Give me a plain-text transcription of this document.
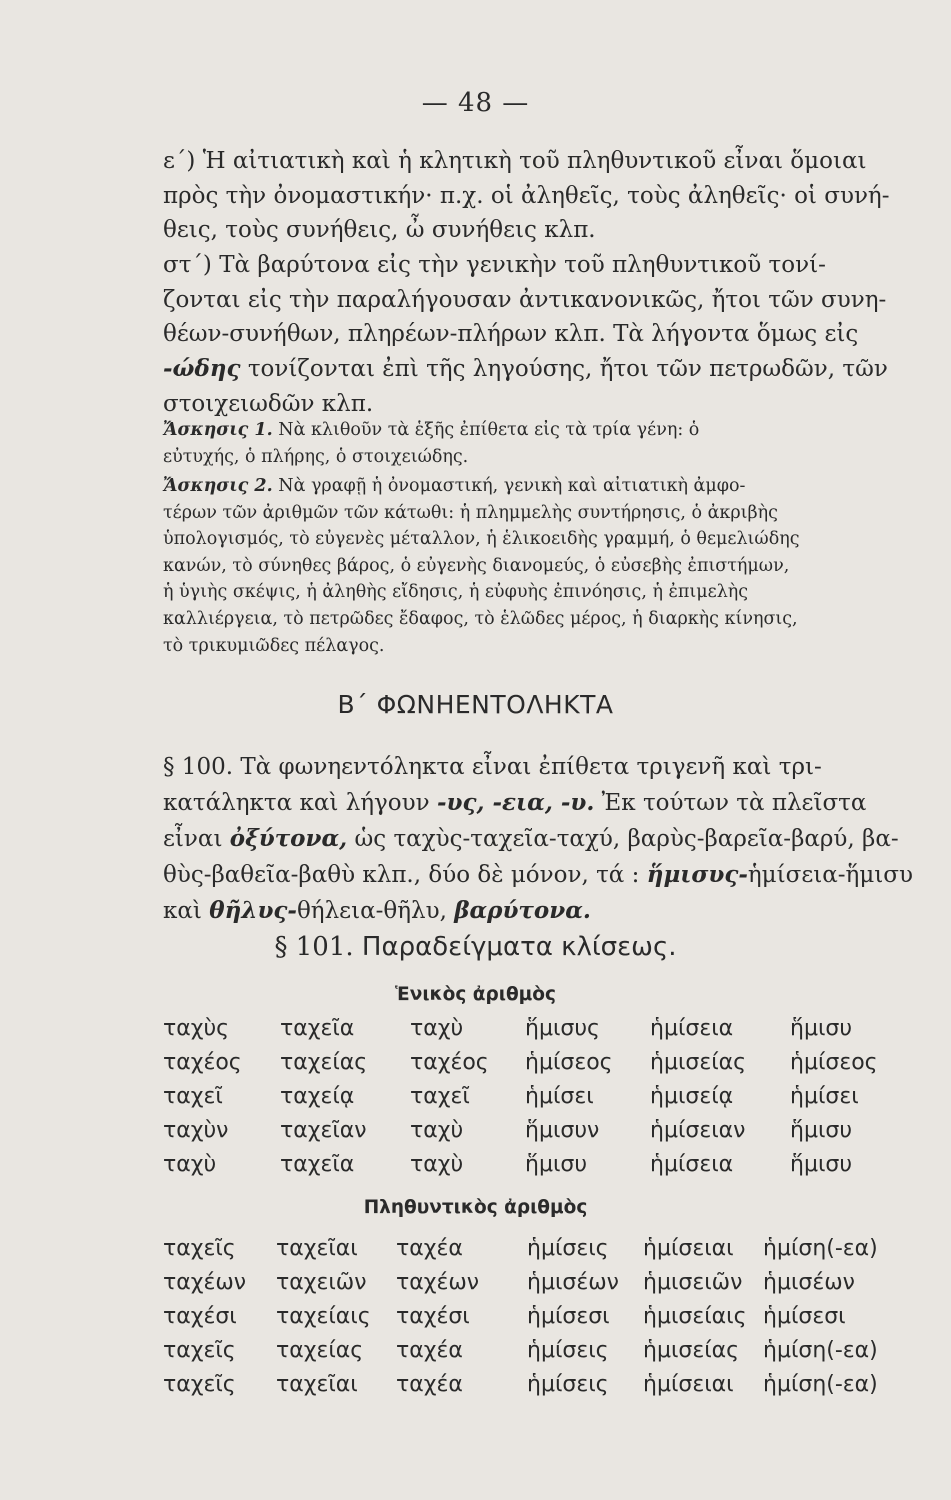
— 48 —

ε΄) Ἡ αἰτιατικὴ καὶ ἡ κλητικὴ τοῦ πληθυντικοῦ εἶναι ὅμοιαι
πρὸς τὴν ὀνομαστικήν· π.χ. οἱ ἀληθεῖς, τοὺς ἀληθεῖς· οἱ συνή-
θεις, τοὺς συνήθεις, ὦ συνήθεις κλπ.

στ΄) Τὰ βαρύτονα εἰς τὴν γενικὴν τοῦ πληθυντικοῦ τονί-
ζονται εἰς τὴν παραλήγουσαν ἀντικανονικῶς, ἤτοι τῶν συνη-
θέων-συνήθων, πληρέων-πλήρων κλπ. Τὰ λήγοντα ὅμως εἰς
-ώδης τονίζονται ἐπὶ τῆς ληγούσης, ἤτοι τῶν πετρωδῶν, τῶν
στοιχειωδῶν κλπ.

Ἄσκησις 1. Νὰ κλιθοῦν τὰ ἑξῆς ἐπίθετα εἰς τὰ τρία γένη: ὁ
εὐτυχής, ὁ πλήρης, ὁ στοιχειώδης.

Ἄσκησις 2. Νὰ γραφῇ ἡ ὀνομαστική, γενικὴ καὶ αἰτιατικὴ ἀμφο-
τέρων τῶν ἀριθμῶν τῶν κάτωθι: ἡ πλημμελὴς συντήρησις, ὁ ἀκριβὴς
ὑπολογισμός, τὸ εὐγενὲς μέταλλον, ἡ ἑλικοειδὴς γραμμή, ὁ θεμελιώδης
κανών, τὸ σύνηθες βάρος, ὁ εὐγενὴς διανομεύς, ὁ εὐσεβὴς ἐπιστήμων,
ἡ ὑγιὴς σκέψις, ἡ ἀληθὴς εἴδησις, ἡ εὐφυὴς ἐπινόησις, ἡ ἐπιμελὴς
καλλιέργεια, τὸ πετρῶδες ἔδαφος, τὸ ἑλῶδες μέρος, ἡ διαρκὴς κίνησις,
τὸ τρικυμιῶδες πέλαγος.

Β΄ ΦΩΝΗΕΝΤΟΛΗΚΤΑ

§ 100. Τὰ φωνηεντόληκτα εἶναι ἐπίθετα τριγενῆ καὶ τρι-
κατάληκτα καὶ λήγουν -υς, -εια, -υ. Ἐκ τούτων τὰ πλεῖστα
εἶναι ὀξύτονα, ὡς ταχὺς-ταχεῖα-ταχύ, βαρὺς-βαρεῖα-βαρύ, βα-
θὺς-βαθεῖα-βαθὺ κλπ., δύο δὲ μόνον, τά : ἥμισυς-ἡμίσεια-ἥμισυ
καὶ θῆλυς-θήλεια-θῆλυ, βαρύτονα.

§ 101. Παραδείγματα κλίσεως.
Ἑνικὸς ἀριθμὸς
ταχὺς ταχεῖα	ταχὺ	ἥμισυς ἡμίσεια	ἥμισυ
ταχέος ταχείας ταχέος ἡμίσεος ἡμισείας ἡμίσεος
ταχεῖ	ταχείᾳ	ταχεῖ	ἡμίσει	ἡμισείᾳ	ἡμίσει
ταχὺν ταχεῖαν ταχὺ	ἥμισυν ἡμίσειαν ἥμισυ
ταχὺ	ταχεῖα	ταχὺ	ἥμισυ	ἡμίσεια	ἥμισυ
Πληθυντικὸς ἀριθμὸς
ταχεῖς ταχεῖαι ταχέα	ἡμίσεις ἡμίσειαι ἡμίση(-εα)
ταχέων ταχειῶν ταχέων ἡμισέων ἡμισειῶν ἡμισέων
ταχέσι ταχείαις ταχέσι	ἡμίσεσι ἡμισείαις ἡμίσεσι
ταχεῖς ταχείας ταχέα	ἡμίσεις ἡμισείας ἡμίση(-εα)
ταχεῖς ταχεῖαι ταχέα	ἡμίσεις ἡμίσειαι ἡμίση(-εα)
